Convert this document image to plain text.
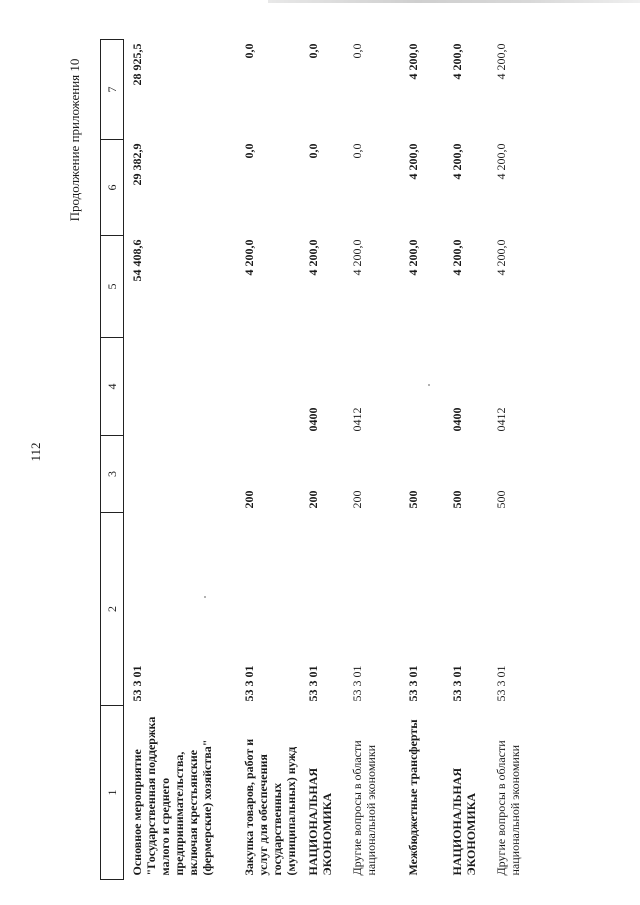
112
Продолжение приложения 10
1	2	3	4	5	6	7
Основное мероприятие "Государственная поддержка малого и среднего предпринимательства, включая крестьянские (фермерские) хозяйства"	53 3 01			54 408,6	29 382,9	28 925,5
Закупка товаров, работ и услуг для обеспечения государственных (муниципальных) нужд	53 3 01	200		4 200,0	0,0	0,0
НАЦИОНАЛЬНАЯ ЭКОНОМИКА	53 3 01	200	0400	4 200,0	0,0	0,0
Другие вопросы в области национальной экономики	53 3 01	200	0412	4 200,0	0,0	0,0
Межбюджетные трансферты	53 3 01	500		4 200,0	4 200,0	4 200,0
НАЦИОНАЛЬНАЯ ЭКОНОМИКА	53 3 01	500	0400	4 200,0	4 200,0	4 200,0
Другие вопросы в области национальной экономики	53 3 01	500	0412	4 200,0	4 200,0	4 200,0
